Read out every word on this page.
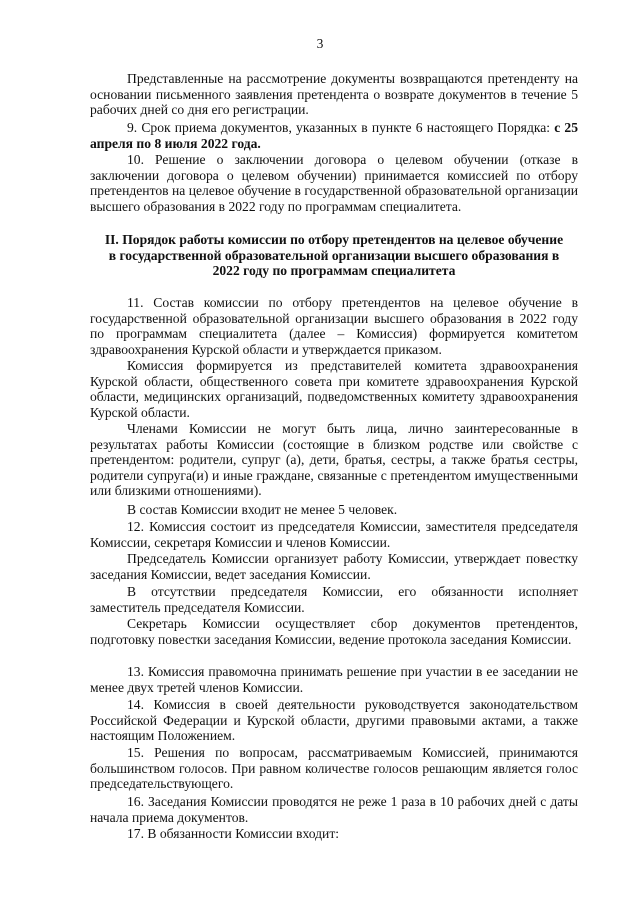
3

Представленные на рассмотрение документы возвращаются претенденту на основании письменного заявления претендента о возврате документов в течение 5 рабочих дней со дня его регистрации.

9. Срок приема документов, указанных в пункте 6 настоящего Порядка: с 25 апреля по 8 июля 2022 года.

10. Решение о заключении договора о целевом обучении (отказе в заключении договора о целевом обучении) принимается комиссией по отбору претендентов на целевое обучение в государственной образовательной организации высшего образования в 2022 году по программам специалитета.

II. Порядок работы комиссии по отбору претендентов на целевое обучение в государственной образовательной организации высшего образования в 2022 году по программам специалитета

11. Состав комиссии по отбору претендентов на целевое обучение в государственной образовательной организации высшего образования в 2022 году по программам специалитета (далее – Комиссия) формируется комитетом здравоохранения Курской области и утверждается приказом.

Комиссия формируется из представителей комитета здравоохранения Курской области, общественного совета при комитете здравоохранения Курской области, медицинских организаций, подведомственных комитету здравоохранения Курской области.

Членами Комиссии не могут быть лица, лично заинтересованные в результатах работы Комиссии (состоящие в близком родстве или свойстве с претендентом: родители, супруг (а), дети, братья, сестры, а также братья сестры, родители супруга(и) и иные граждане, связанные с претендентом имущественными или близкими отношениями).

В состав Комиссии входит не менее 5 человек.

12. Комиссия состоит из председателя Комиссии, заместителя председателя Комиссии, секретаря Комиссии и членов Комиссии.

Председатель Комиссии организует работу Комиссии, утверждает повестку заседания Комиссии, ведет заседания Комиссии.

В отсутствии председателя Комиссии, его обязанности исполняет заместитель председателя Комиссии.

Секретарь Комиссии осуществляет сбор документов претендентов, подготовку повестки заседания Комиссии, ведение протокола заседания Комиссии.

13. Комиссия правомочна принимать решение при участии в ее заседании не менее двух третей членов Комиссии.

14. Комиссия в своей деятельности руководствуется законодательством Российской Федерации и Курской области, другими правовыми актами, а также настоящим Положением.

15. Решения по вопросам, рассматриваемым Комиссией, принимаются большинством голосов. При равном количестве голосов решающим является голос председательствующего.

16. Заседания Комиссии проводятся не реже 1 раза в 10 рабочих дней с даты начала приема документов.

17. В обязанности Комиссии входит:
